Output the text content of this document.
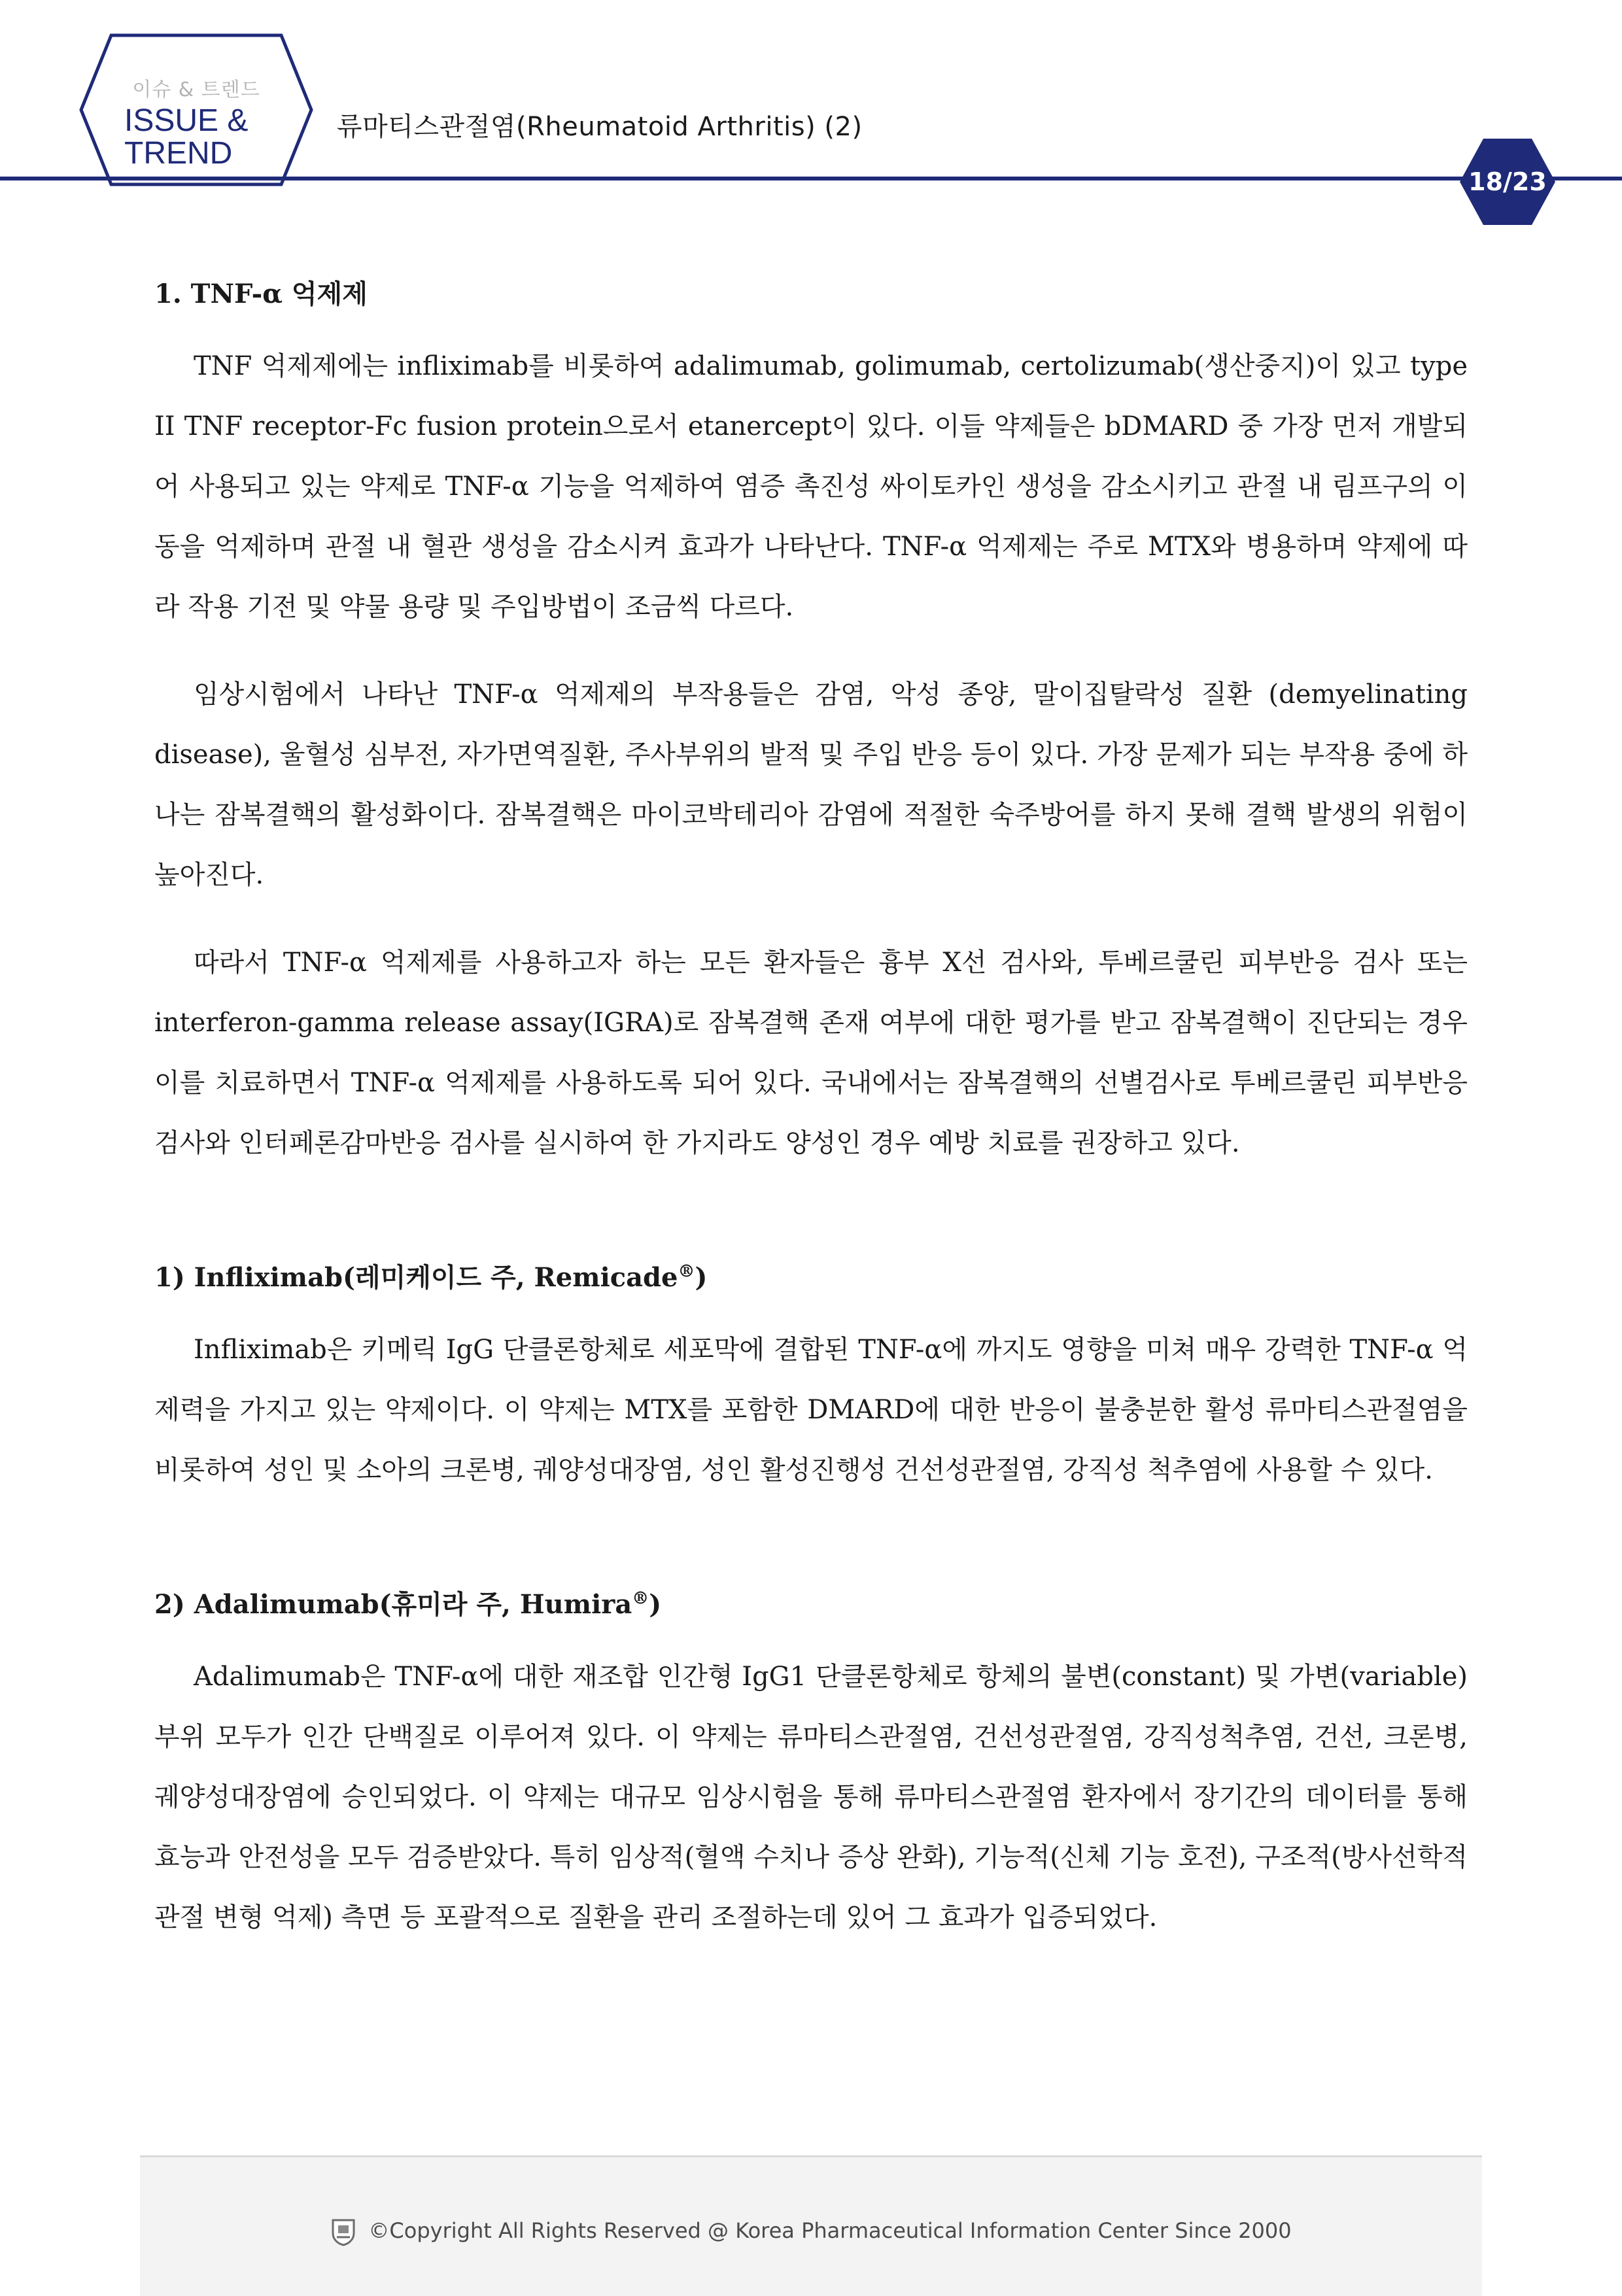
이슈 & 트렌드
ISSUE &
TREND
류마티스관절염(Rheumatoid Arthritis) (2)
18/23
1. TNF-α 억제제

TNF 억제제에는 infliximab를 비롯하여 adalimumab, golimumab, certolizumab(생산중지)이 있고 type II TNF receptor-Fc fusion protein으로서 etanercept이 있다. 이들 약제들은 bDMARD 중 가장 먼저 개발되어 사용되고 있는 약제로 TNF-α 기능을 억제하여 염증 촉진성 싸이토카인 생성을 감소시키고 관절 내 림프구의 이동을 억제하며 관절 내 혈관 생성을 감소시켜 효과가 나타난다. TNF-α 억제제는 주로 MTX와 병용하며 약제에 따라 작용 기전 및 약물 용량 및 주입방법이 조금씩 다르다.

임상시험에서 나타난 TNF-α 억제제의 부작용들은 감염, 악성 종양, 말이집탈락성 질환 (demyelinating disease), 울혈성 심부전, 자가면역질환, 주사부위의 발적 및 주입 반응 등이 있다. 가장 문제가 되는 부작용 중에 하나는 잠복결핵의 활성화이다. 잠복결핵은 마이코박테리아 감염에 적절한 숙주방어를 하지 못해 결핵 발생의 위험이 높아진다.

따라서 TNF-α 억제제를 사용하고자 하는 모든 환자들은 흉부 X선 검사와, 투베르쿨린 피부반응 검사 또는 interferon-gamma release assay(IGRA)로 잠복결핵 존재 여부에 대한 평가를 받고 잠복결핵이 진단되는 경우 이를 치료하면서 TNF-α 억제제를 사용하도록 되어 있다. 국내에서는 잠복결핵의 선별검사로 투베르쿨린 피부반응 검사와 인터페론감마반응 검사를 실시하여 한 가지라도 양성인 경우 예방 치료를 권장하고 있다.

1) Infliximab(레미케이드 주, Remicade®)

Infliximab은 키메릭 IgG 단클론항체로 세포막에 결합된 TNF-α에 까지도 영향을 미쳐 매우 강력한 TNF-α 억제력을 가지고 있는 약제이다. 이 약제는 MTX를 포함한 DMARD에 대한 반응이 불충분한 활성 류마티스관절염을 비롯하여 성인 및 소아의 크론병, 궤양성대장염, 성인 활성진행성 건선성관절염, 강직성 척추염에 사용할 수 있다.

2) Adalimumab(휴미라 주, Humira®)

Adalimumab은 TNF-α에 대한 재조합 인간형 IgG1 단클론항체로 항체의 불변(constant) 및 가변(variable) 부위 모두가 인간 단백질로 이루어져 있다. 이 약제는 류마티스관절염, 건선성관절염, 강직성척추염, 건선, 크론병, 궤양성대장염에 승인되었다. 이 약제는 대규모 임상시험을 통해 류마티스관절염 환자에서 장기간의 데이터를 통해 효능과 안전성을 모두 검증받았다. 특히 임상적(혈액 수치나 증상 완화), 기능적(신체 기능 호전), 구조적(방사선학적 관절 변형 억제) 측면 등 포괄적으로 질환을 관리 조절하는데 있어 그 효과가 입증되었다.

©Copyright All Rights Reserved @ Korea Pharmaceutical Information Center Since 2000
